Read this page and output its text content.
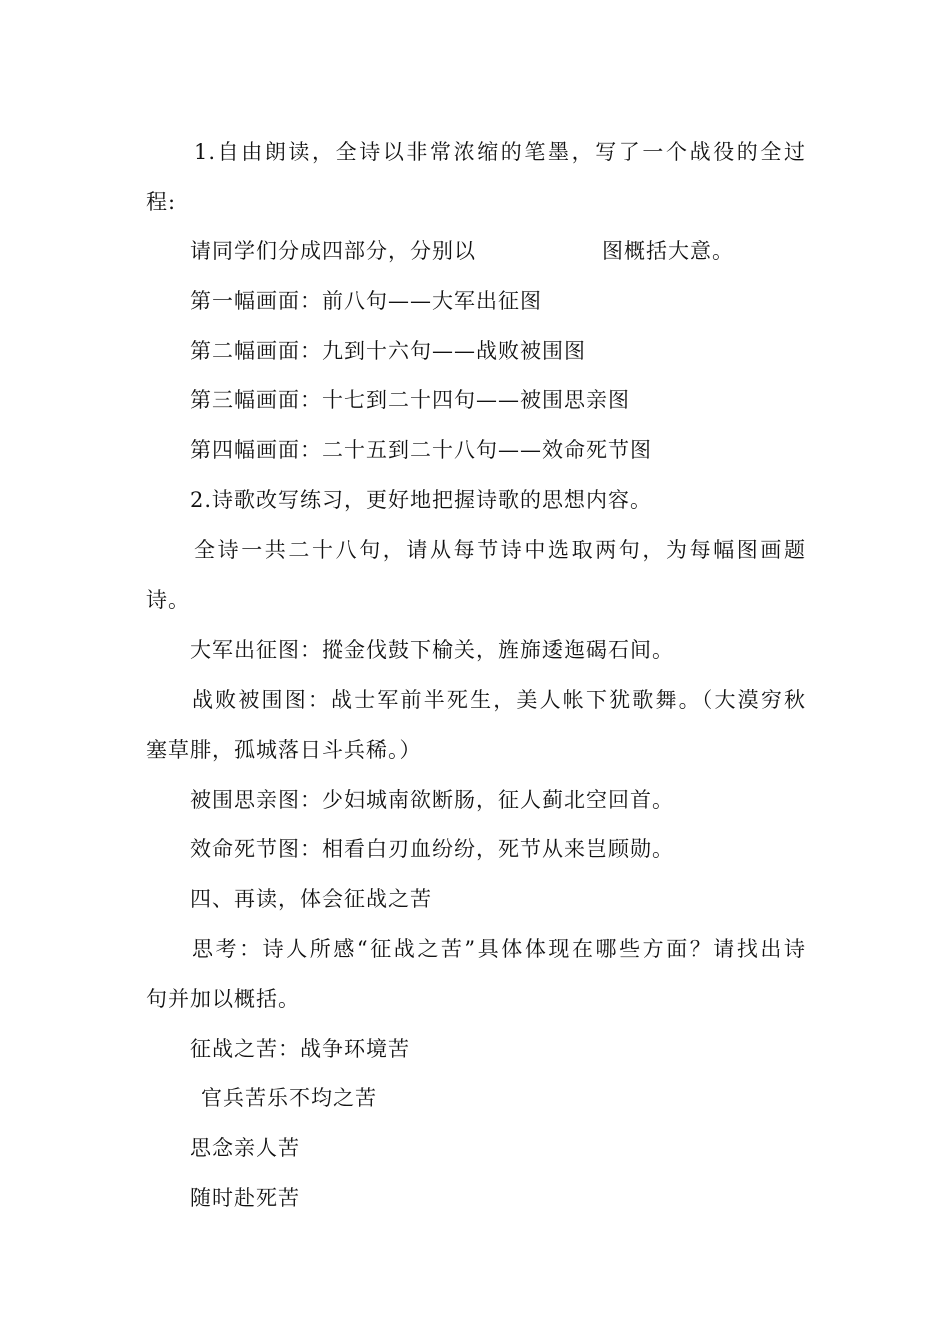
1.自由朗读，全诗以非常浓缩的笔墨，写了一个战役的全过
程:
请同学们分成四部分，分别以	图概括大意。
第一幅画面：前八句——大军出征图
第二幅画面：九到十六句——战败被围图
第三幅画面：十七到二十四句——被围思亲图
第四幅画面：二十五到二十八句——效命死节图
2.诗歌改写练习，更好地把握诗歌的思想内容。
全诗一共二十八句，请从每节诗中选取两句，为每幅图画题
诗。
大军出征图：摐金伐鼓下榆关，旌旆逶迤碣石间。
战败被围图：战士军前半死生，美人帐下犹歌舞。（大漠穷秋
塞草腓，孤城落日斗兵稀。）
被围思亲图：少妇城南欲断肠，征人蓟北空回首。
效命死节图：相看白刃血纷纷，死节从来岂顾勋。
四、再读，体会征战之苦
思考：诗人所感“征战之苦”具体体现在哪些方面？请找出诗
句并加以概括。
征战之苦：战争环境苦
官兵苦乐不均之苦
思念亲人苦
随时赴死苦
